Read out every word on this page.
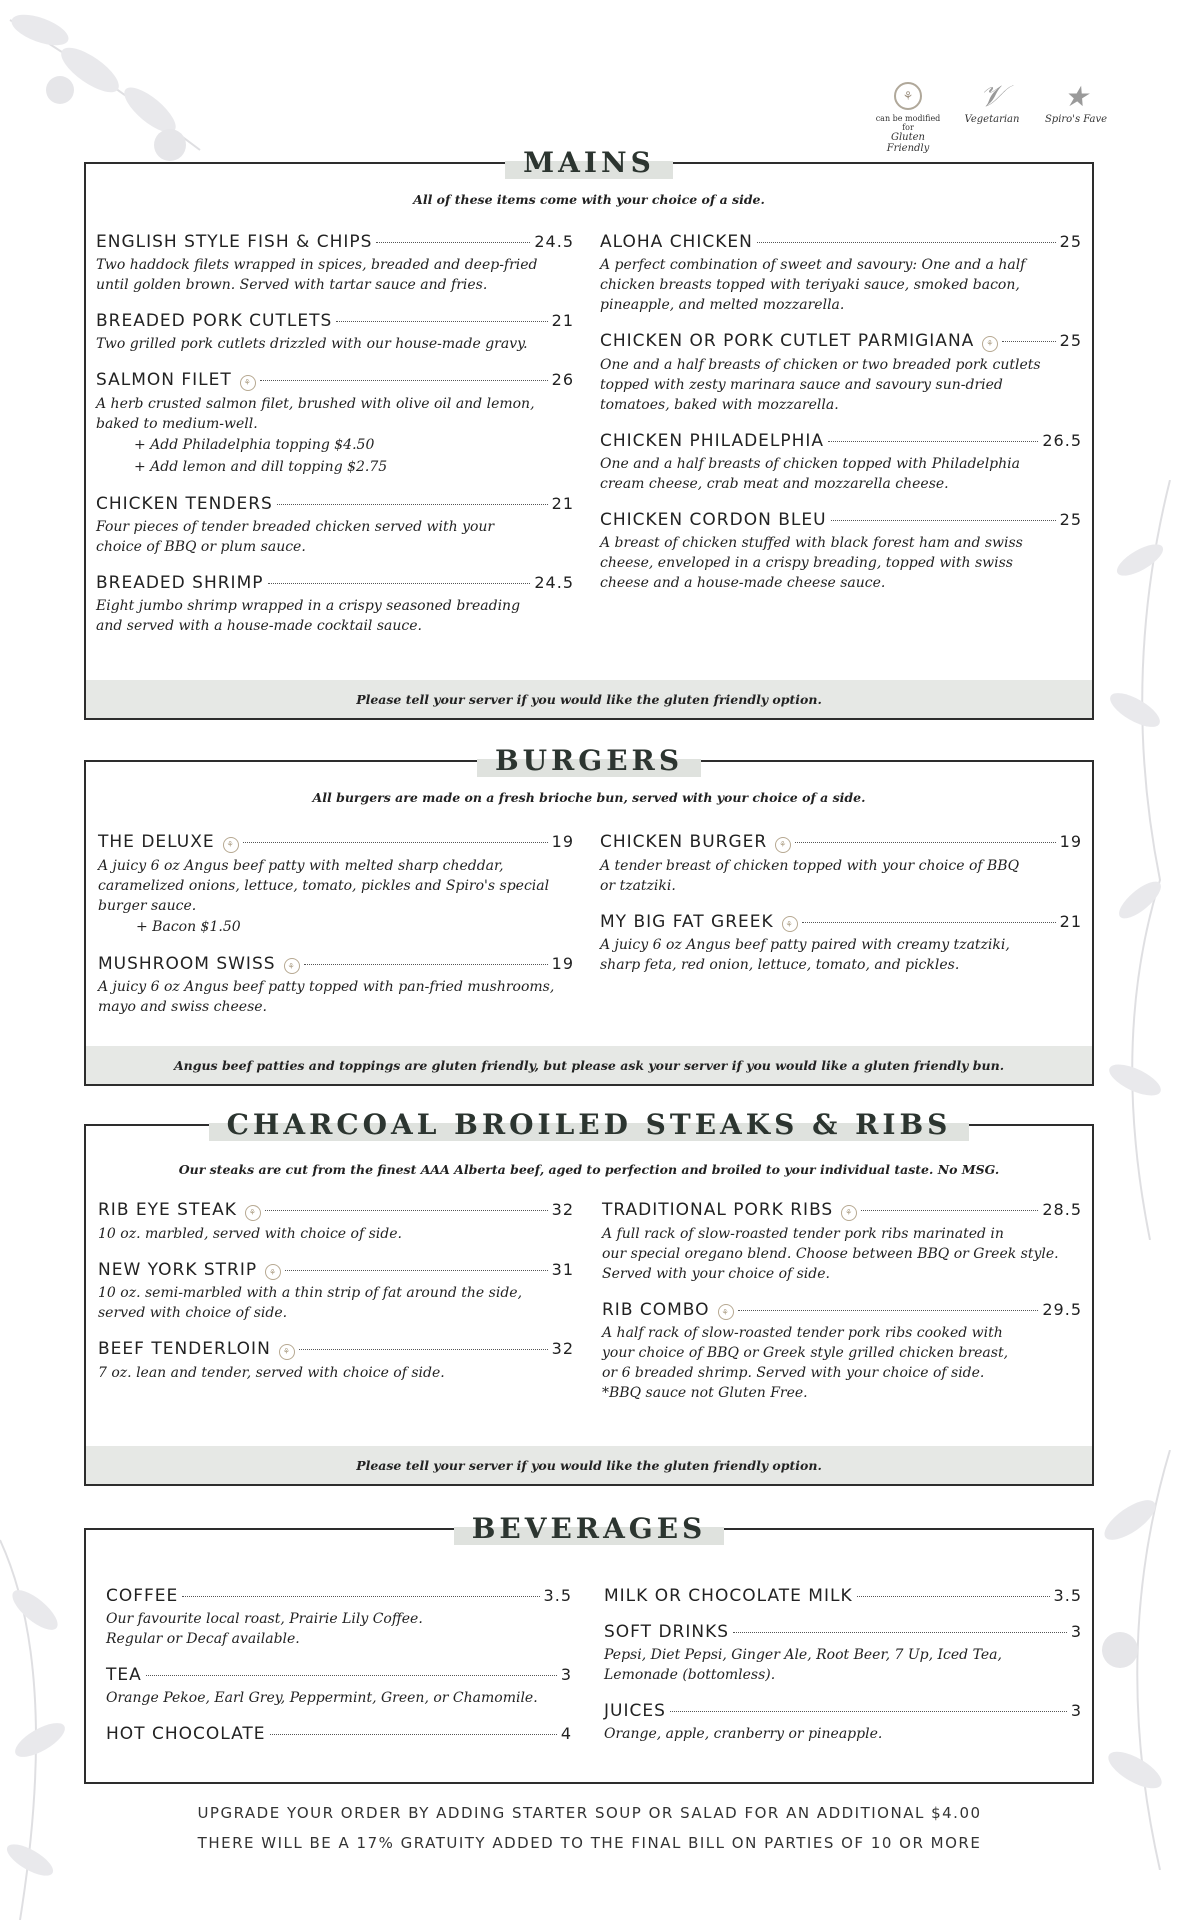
⚘
can be modified for
Gluten Friendly
𝒱
Vegetarian
★
Spiro's Fave
MAINS
All of these items come with your choice of a side.
ENGLISH STYLE FISH & CHIPS	24.5
Two haddock filets wrapped in spices, breaded and deep-fried
until golden brown. Served with tartar sauce and fries.
BREADED PORK CUTLETS	21
Two grilled pork cutlets drizzled with our house-made gravy.
SALMON FILET	⚘	26
A herb crusted salmon filet, brushed with olive oil and lemon,
baked to medium-well.
+ Add Philadelphia topping $4.50
+ Add lemon and dill topping $2.75
CHICKEN TENDERS	21
Four pieces of tender breaded chicken served with your
choice of BBQ or plum sauce.
BREADED SHRIMP	24.5
Eight jumbo shrimp wrapped in a crispy seasoned breading
and served with a house-made cocktail sauce.
ALOHA CHICKEN	25
A perfect combination of sweet and savoury: One and a half
chicken breasts topped with teriyaki sauce, smoked bacon,
pineapple, and melted mozzarella.
CHICKEN OR PORK CUTLET PARMIGIANA	⚘	25
One and a half breasts of chicken or two breaded pork cutlets
topped with zesty marinara sauce and savoury sun-dried
tomatoes, baked with mozzarella.
CHICKEN PHILADELPHIA	26.5
One and a half breasts of chicken topped with Philadelphia
cream cheese, crab meat and mozzarella cheese.
CHICKEN CORDON BLEU	25
A breast of chicken stuffed with black forest ham and swiss
cheese, enveloped in a crispy breading, topped with swiss
cheese and a house-made cheese sauce.
Please tell your server if you would like the gluten friendly option.
BURGERS
All burgers are made on a fresh brioche bun, served with your choice of a side.
THE DELUXE	⚘	19
A juicy 6 oz Angus beef patty with melted sharp cheddar,
caramelized onions, lettuce, tomato, pickles and Spiro's special
burger sauce.
+ Bacon $1.50
MUSHROOM SWISS	⚘	19
A juicy 6 oz Angus beef patty topped with pan-fried mushrooms,
mayo and swiss cheese.
CHICKEN BURGER	⚘	19
A tender breast of chicken topped with your choice of BBQ
or tzatziki.
MY BIG FAT GREEK	⚘	21
A juicy 6 oz Angus beef patty paired with creamy tzatziki,
sharp feta, red onion, lettuce, tomato, and pickles.
Angus beef patties and toppings are gluten friendly, but please ask your server if you would like a gluten friendly bun.
CHARCOAL BROILED STEAKS & RIBS
Our steaks are cut from the finest AAA Alberta beef, aged to perfection and broiled to your individual taste. No MSG.
RIB EYE STEAK	⚘	32
10 oz. marbled, served with choice of side.
NEW YORK STRIP	⚘	31
10 oz. semi-marbled with a thin strip of fat around the side,
served with choice of side.
BEEF TENDERLOIN	⚘	32
7 oz. lean and tender, served with choice of side.
TRADITIONAL PORK RIBS	⚘	28.5
A full rack of slow-roasted tender pork ribs marinated in
our special oregano blend. Choose between BBQ or Greek style.
Served with your choice of side.
RIB COMBO	⚘	29.5
A half rack of slow-roasted tender pork ribs cooked with
your choice of BBQ or Greek style grilled chicken breast,
or 6 breaded shrimp. Served with your choice of side.
*BBQ sauce not Gluten Free.
Please tell your server if you would like the gluten friendly option.
BEVERAGES
COFFEE	3.5
Our favourite local roast, Prairie Lily Coffee.
Regular or Decaf available.
TEA	3
Orange Pekoe, Earl Grey, Peppermint, Green, or Chamomile.
HOT CHOCOLATE	4
MILK OR CHOCOLATE MILK	3.5
SOFT DRINKS	3
Pepsi, Diet Pepsi, Ginger Ale, Root Beer, 7 Up, Iced Tea,
Lemonade (bottomless).
JUICES	3
Orange, apple, cranberry or pineapple.
UPGRADE YOUR ORDER BY ADDING STARTER SOUP OR SALAD FOR AN ADDITIONAL $4.00
THERE WILL BE A 17% GRATUITY ADDED TO THE FINAL BILL ON PARTIES OF 10 OR MORE
